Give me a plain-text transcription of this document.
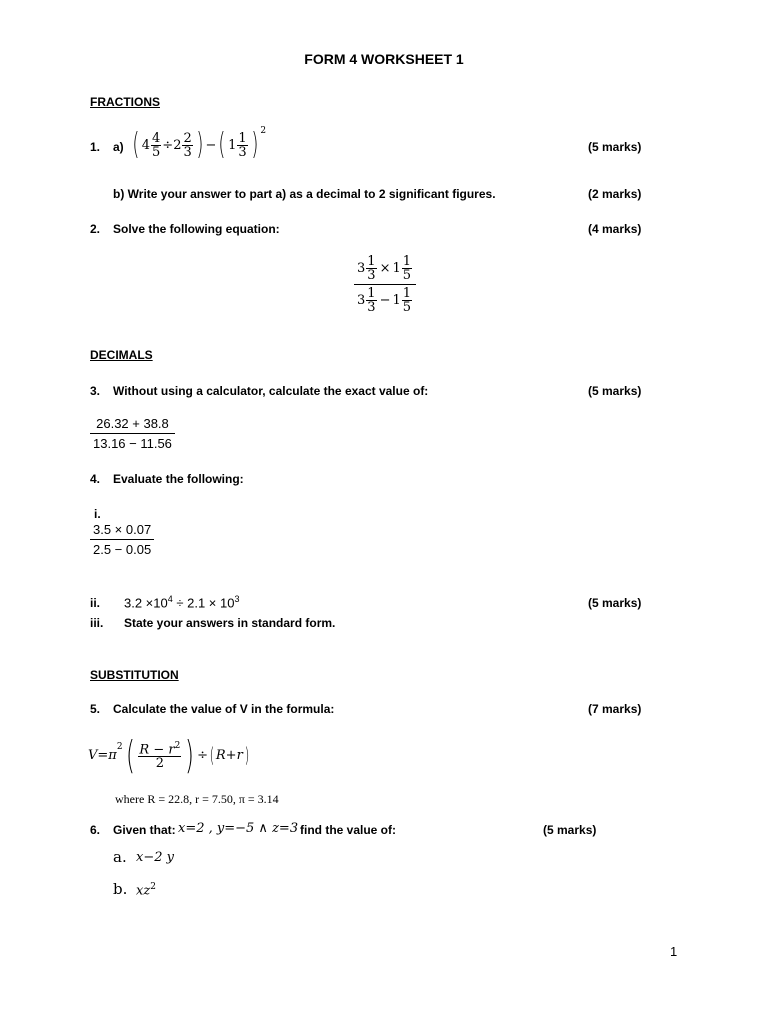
FORM 4 WORKSHEET 1
FRACTIONS
1. a) ( $4 \frac{4}{5} \div 2 \frac{2}{3}$ ) − ( $1 \frac{1}{3}$ ) 2
(5 marks)
b) Write your answer to part a) as a decimal to 2 significant figures.	(2 marks)
2. Solve the following equation:	(4 marks)
$\frac{3 \frac{1}{3} \times 1 \frac{1}{5}}{3 \frac{1}{3} - 1 \frac{1}{5}}$
DECIMALS
3. Without using a calculator, calculate the exact value of:	(5 marks)
$\frac{26.32 + 38.8}{13.16 - 11.56}$
4. Evaluate the following:
i.
$\frac{3.5 \times 0.07}{2.5 - 0.05}$
ii. $3.2 \times 10^4 \div 2.1 \times 10^3$	(5 marks)
iii. State your answers in standard form.
SUBSTITUTION
5. Calculate the value of V in the formula:	(7 marks)
V = π
2 ( $\frac{R - r^2}{2}$ ) ÷ ( R + r )
where R = 22.8, r = 7.50, π = 3.14
6. Given that: x=2 , y=−5 ∧ z=3 find the value of:	(5 marks)
a. x−2 y
b. $xz^2$
1
